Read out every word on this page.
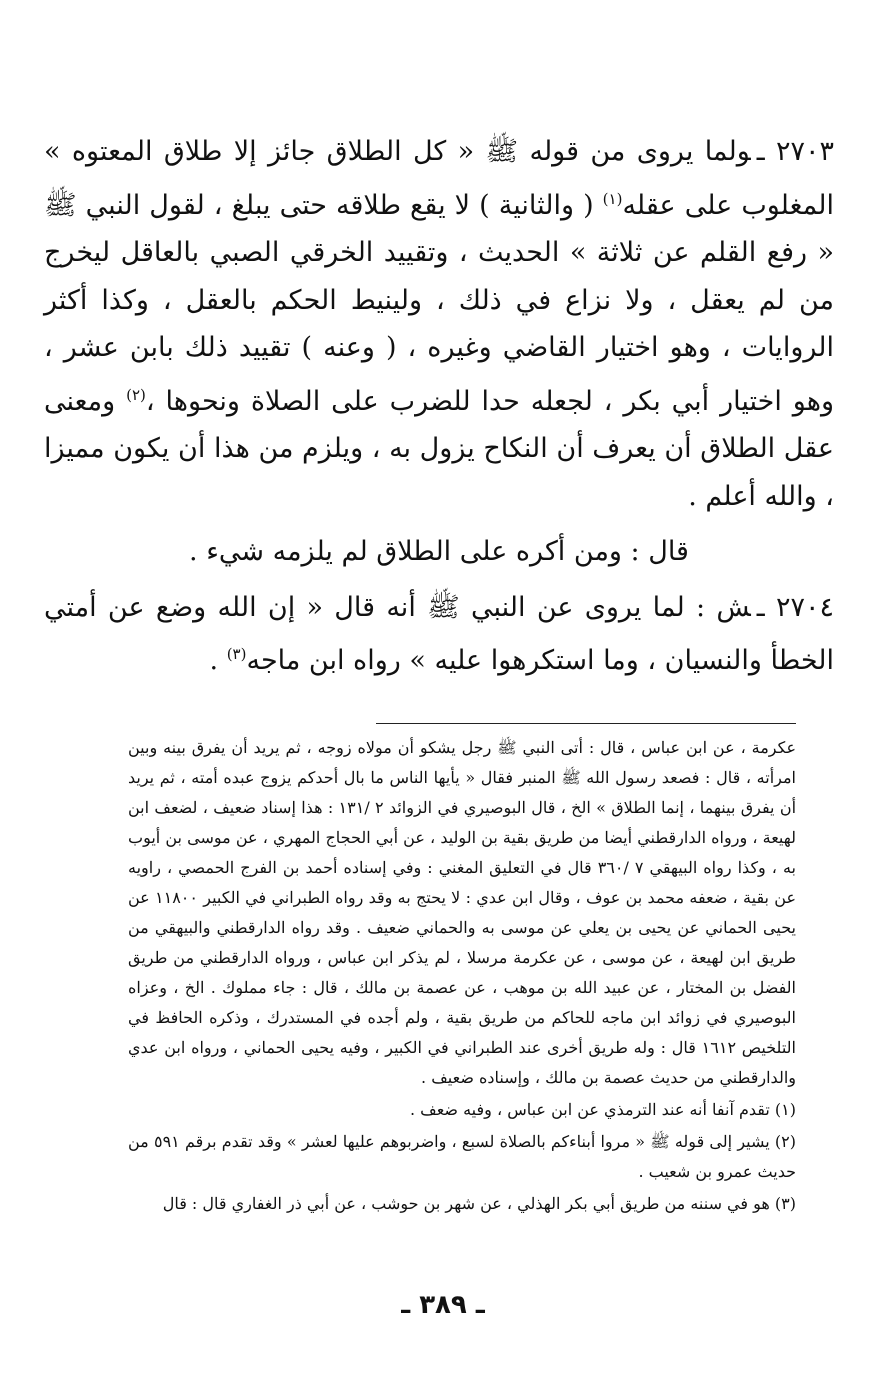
٢٧٠٣ ـولما يروى من قوله ﷺ « كل الطلاق جائز إلا طلاق المعتوه » المغلوب على عقله$^{(١)}$ ( والثانية ) لا يقع طلاقه حتى يبلغ ، لقول النبي ﷺ « رفع القلم عن ثلاثة » الحديث ، وتقييد الخرقي الصبي بالعاقل ليخرج من لم يعقل ، ولا نزاع في ذلك ، ولينيط الحكم بالعقل ، وكذا أكثر الروايات ، وهو اختيار القاضي وغيره ، ( وعنه ) تقييد ذلك بابن عشر ، وهو اختيار أبي بكر ، لجعله حدا للضرب على الصلاة ونحوها ،$^{(٢)}$ ومعنى عقل الطلاق أن يعرف أن النكاح يزول به ، ويلزم من هذا أن يكون مميزا ، والله أعلم .

قال : ومن أكره على الطلاق لم يلزمه شيء .

٢٧٠٤ ـش : لما يروى عن النبي ﷺ أنه قال « إن الله وضع عن أمتي الخطأ والنسيان ، وما استكرهوا عليه » رواه ابن ماجه$^{(٣)}$ .

عكرمة ، عن ابن عباس ، قال : أتى النبي ﷺ رجل يشكو أن مولاه زوجه ، ثم يريد أن يفرق بينه وبين امرأته ، قال : فصعد رسول الله ﷺ المنبر فقال « يأيها الناس ما بال أحدكم يزوج عبده أمته ، ثم يريد أن يفرق بينهما ، إنما الطلاق » الخ ، قال البوصيري في الزوائد ٢ /١٣١ : هذا إسناد ضعيف ، لضعف ابن لهيعة ، ورواه الدارقطني أيضا من طريق بقية بن الوليد ، عن أبي الحجاج المهري ، عن موسى بن أيوب به ، وكذا رواه البيهقي ٧ /٣٦٠ قال في التعليق المغني : وفي إسناده أحمد بن الفرج الحمصي ، راويه عن بقية ، ضعفه محمد بن عوف ، وقال ابن عدي : لا يحتج به وقد رواه الطبراني في الكبير ١١٨٠٠ عن يحيى الحماني عن يحيى بن يعلي عن موسى به والحماني ضعيف . وقد رواه الدارقطني والبيهقي من طريق ابن لهيعة ، عن موسى ، عن عكرمة مرسلا ، لم يذكر ابن عباس ، ورواه الدارقطني من طريق الفضل بن المختار ، عن عبيد الله بن موهب ، عن عصمة بن مالك ، قال : جاء مملوك . الخ ، وعزاه البوصيري في زوائد ابن ماجه للحاكم من طريق بقية ، ولم أجده في المستدرك ، وذكره الحافظ في التلخيص ١٦١٢ قال : وله طريق أخرى عند الطبراني في الكبير ، وفيه يحيى الحماني ، ورواه ابن عدي والدارقطني من حديث عصمة بن مالك ، وإسناده ضعيف .

(١) تقدم آنفا أنه عند الترمذي عن ابن عباس ، وفيه ضعف .

(٢) يشير إلى قوله ﷺ « مروا أبناءكم بالصلاة لسبع ، واضربوهم عليها لعشر » وقد تقدم برقم ٥٩١ من حديث عمرو بن شعيب .

(٣) هو في سننه من طريق أبي بكر الهذلي ، عن شهر بن حوشب ، عن أبي ذر الغفاري قال : قال

ـ ٣٨٩ ـ
